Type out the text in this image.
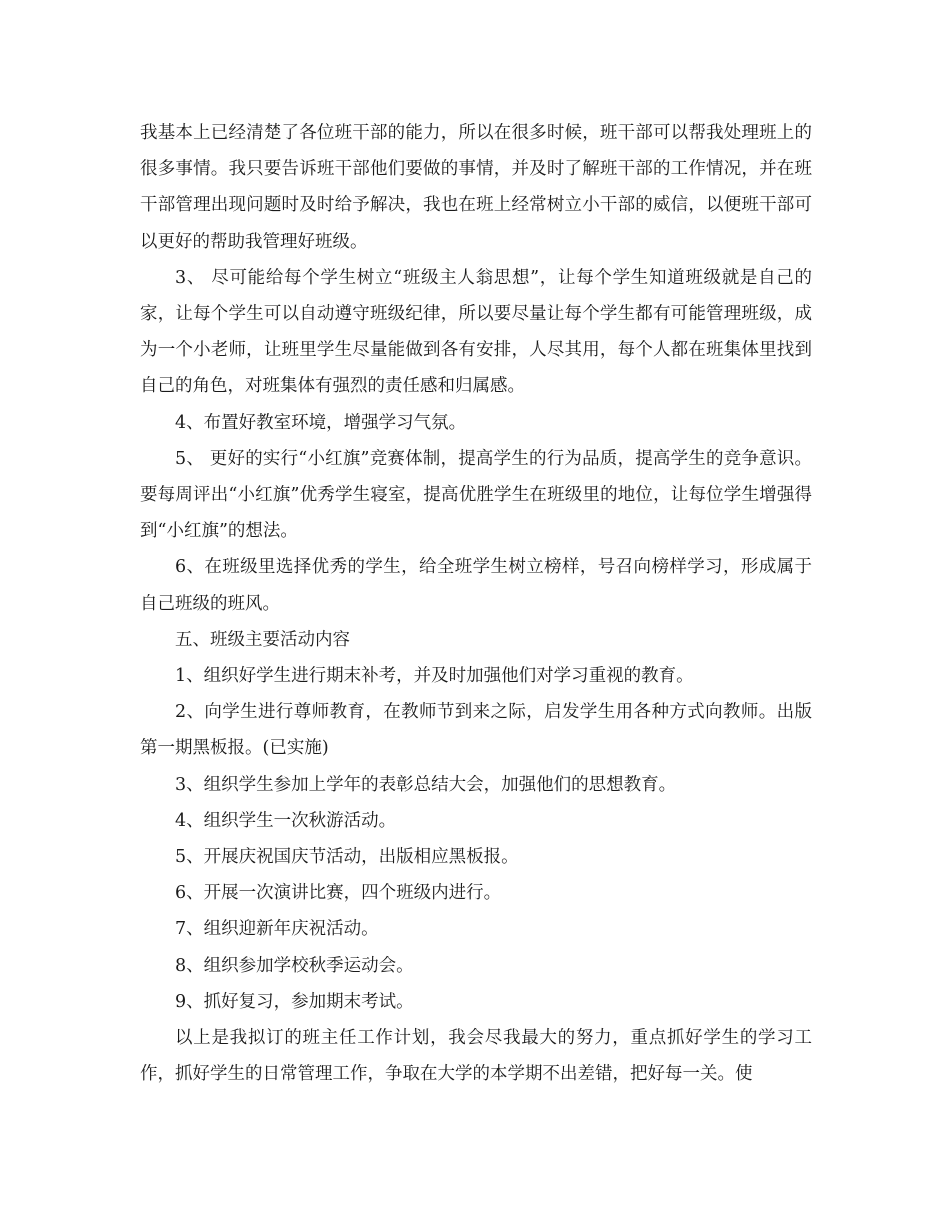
我基本上已经清楚了各位班干部的能力，所以在很多时候，班干部可以帮我处理班上的很多事情。我只要告诉班干部他们要做的事情，并及时了解班干部的工作情况，并在班干部管理出现问题时及时给予解决，我也在班上经常树立小干部的威信，以便班干部可以更好的帮助我管理好班级。

3、 尽可能给每个学生树立“班级主人翁思想”，让每个学生知道班级就是自己的家，让每个学生可以自动遵守班级纪律，所以要尽量让每个学生都有可能管理班级，成为一个小老师，让班里学生尽量能做到各有安排，人尽其用，每个人都在班集体里找到自己的角色，对班集体有强烈的责任感和归属感。

4、布置好教室环境，增强学习气氛。

5、 更好的实行“小红旗”竞赛体制，提高学生的行为品质，提高学生的竞争意识。要每周评出“小红旗”优秀学生寝室，提高优胜学生在班级里的地位，让每位学生增强得到“小红旗”的想法。

6、在班级里选择优秀的学生，给全班学生树立榜样，号召向榜样学习，形成属于自己班级的班风。

五、班级主要活动内容

1、组织好学生进行期末补考，并及时加强他们对学习重视的教育。

2、向学生进行尊师教育，在教师节到来之际，启发学生用各种方式向教师。出版第一期黑板报。(已实施)

3、组织学生参加上学年的表彰总结大会，加强他们的思想教育。

4、组织学生一次秋游活动。

5、开展庆祝国庆节活动，出版相应黑板报。

6、开展一次演讲比赛，四个班级内进行。

7、组织迎新年庆祝活动。

8、组织参加学校秋季运动会。

9、抓好复习，参加期末考试。

以上是我拟订的班主任工作计划，我会尽我最大的努力，重点抓好学生的学习工作，抓好学生的日常管理工作，争取在大学的本学期不出差错，把好每一关。使
